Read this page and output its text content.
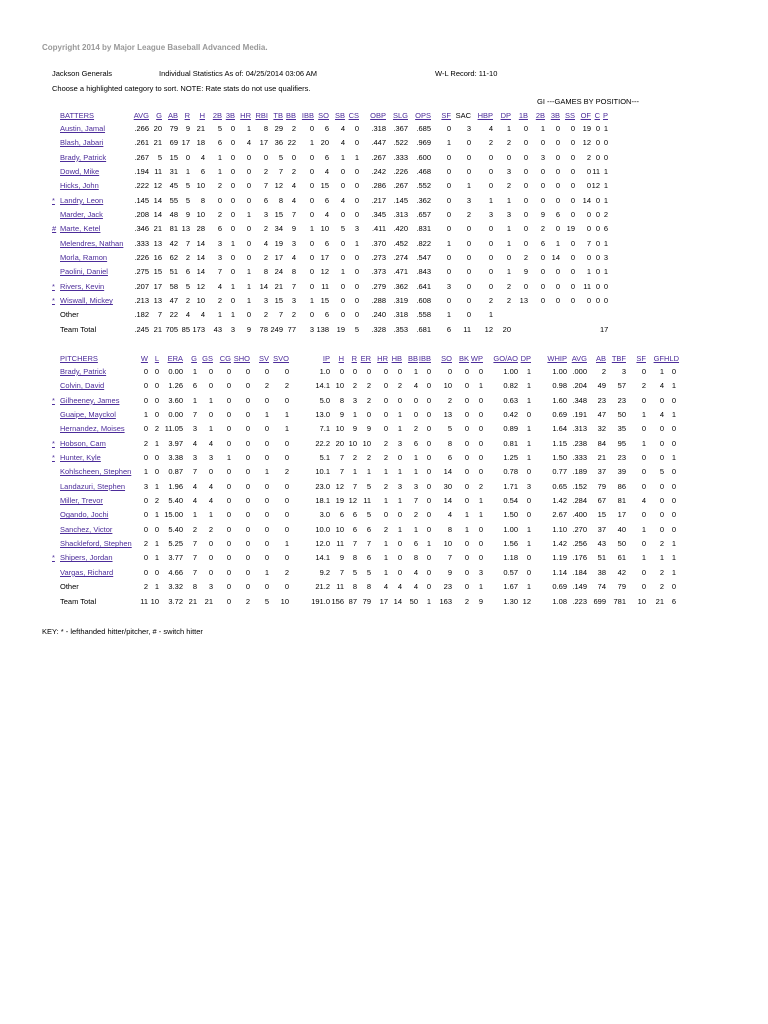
Copyright 2014 by Major League Baseball Advanced Media.
Jackson Generals	Individual Statistics As of: 04/25/2014 03:06 AM	W-L Record: 11-10
Choose a highlighted category to sort. NOTE: Rate stats do not use qualifiers.
GI ---GAMES BY POSITION---
BATTERS	AVG	G	AB	R	H	2B	3B	HR	RBI	TB	BB	IBB	SO	SB	CS	OBP	SLG	OPS	SF	SAC	HBP	DP	1B	2B	3B	SS	OF	C	P
Austin, Jamal	.266	20	79	9	21	5	0	1	8	29	2	0	6	4	0	.318	.367	.685	0	3	4	1	0	1	0	0	19	0	1
Blash, Jabari	.261	21	69	17	18	6	0	4	17	36	22	1	20	4	0	.447	.522	.969	1	0	2	2	0	0	0	0	12	0	0
Brady, Patrick	.267	5	15	0	4	1	0	0	0	5	0	0	6	1	1	.267	.333	.600	0	0	0	0	0	3	0	0	2	0	0
Dowd, Mike	.194	11	31	1	6	1	0	0	2	7	2	0	4	0	0	.242	.226	.468	0	0	0	3	0	0	0	0	0	11	1
Hicks, John	.222	12	45	5	10	2	0	0	7	12	4	0	15	0	0	.286	.267	.552	0	1	0	2	0	0	0	0	0	12	1
* Landry, Leon	.145	14	55	5	8	0	0	0	6	8	4	0	6	4	0	.217	.145	.362	0	3	1	1	0	0	0	0	14	0	1
Marder, Jack	.208	14	48	9	10	2	0	1	3	15	7	0	4	0	0	.345	.313	.657	0	2	3	3	0	9	6	0	0	0	2
# Marte, Ketel	.346	21	81	13	28	6	0	0	2	34	9	1	10	5	3	.411	.420	.831	0	0	0	1	0	2	0	19	0	0	6
Melendres, Nathan	.333	13	42	7	14	3	1	0	4	19	3	0	6	0	1	.370	.452	.822	1	0	0	1	0	6	1	0	7	0	1
Morla, Ramon	.226	16	62	2	14	3	0	0	2	17	4	0	17	0	0	.273	.274	.547	0	0	0	0	2	0	14	0	0	0	3
Paolini, Daniel	.275	15	51	6	14	7	0	1	8	24	8	0	12	1	0	.373	.471	.843	0	0	0	1	9	0	0	0	1	0	1
* Rivers, Kevin	.207	17	58	5	12	4	1	1	14	21	7	0	11	0	0	.279	.362	.641	3	0	0	2	0	0	0	0	11	0	0
* Wiswall, Mickey	.213	13	47	2	10	2	0	1	3	15	3	1	15	0	0	.288	.319	.608	0	0	2	2	13	0	0	0	0	0	0
Other	.182	7	22	4	4	1	1	0	2	7	2	0	6	0	0	.240	.318	.558	1	0	1								
Team Total	.245	21	705	85	173	43	3	9	78	249	77	3	138	19	5	.328	.353	.681	6	11	12	20							17
PITCHERS	W	L	ERA	G	GS	CG	SHO	SV	SVO	IP	H	R	ER	HR	HB	BB	IBB	SO	BK	WP	GO/AO	DP	WHIP	AVG	AB	TBF	SF	GF	HLD
Brady, Patrick	0	0	0.00	1	0	0	0	0	0	1.0	0	0	0	0	0	1	0	0	0	0	1.00	1	1.00	.000	2	3	0	1	0
Colvin, David	0	0	1.26	6	0	0	0	2	2	14.1	10	2	2	0	2	4	0	10	0	1	0.82	1	0.98	.204	49	57	2	4	1
* Gilheeney, James	0	0	3.60	1	1	0	0	0	0	5.0	8	3	2	0	0	0	0	2	0	0	0.63	1	1.60	.348	23	23	0	0	0
Guaipe, Mayckol	1	0	0.00	7	0	0	0	1	1	13.0	9	1	0	0	1	0	0	13	0	0	0.42	0	0.69	.191	47	50	1	4	1
Hernandez, Moises	0	2	11.05	3	1	0	0	0	1	7.1	10	9	9	0	1	2	0	5	0	0	0.89	1	1.64	.313	32	35	0	0	0
* Hobson, Cam	2	1	3.97	4	4	0	0	0	0	22.2	20	10	10	2	3	6	0	8	0	0	0.81	1	1.15	.238	84	95	1	0	0
* Hunter, Kyle	0	0	3.38	3	3	1	0	0	0	5.1	7	2	2	2	0	1	0	6	0	0	1.25	1	1.50	.333	21	23	0	0	1
Kohlscheen, Stephen	1	0	0.87	7	0	0	0	1	2	10.1	7	1	1	1	1	1	0	14	0	0	0.78	0	0.77	.189	37	39	0	5	0
Landazuri, Stephen	3	1	1.96	4	4	0	0	0	0	23.0	12	7	5	2	3	3	0	30	0	2	1.71	3	0.65	.152	79	86	0	0	0
Miller, Trevor	0	2	5.40	4	4	0	0	0	0	18.1	19	12	11	1	1	7	0	14	0	1	0.54	0	1.42	.284	67	81	4	0	0
Ogando, Jochi	0	1	15.00	1	1	0	0	0	0	3.0	6	6	5	0	0	2	0	4	1	1	1.50	0	2.67	.400	15	17	0	0	0
Sanchez, Victor	0	0	5.40	2	2	0	0	0	0	10.0	10	6	6	2	1	1	0	8	1	0	1.00	1	1.10	.270	37	40	1	0	0
Shackleford, Stephen	2	1	5.25	7	0	0	0	0	1	12.0	11	7	7	1	0	6	1	10	0	0	1.56	1	1.42	.256	43	50	0	2	1
* Shipers, Jordan	0	1	3.77	7	0	0	0	0	0	14.1	9	8	6	1	0	8	0	7	0	0	1.18	0	1.19	.176	51	61	1	1	1
Vargas, Richard	0	0	4.66	7	0	0	0	1	2	9.2	7	5	5	1	0	4	0	9	0	3	0.57	0	1.14	.184	38	42	0	2	1
Other	2	1	3.32	8	3	0	0	0	0	21.2	11	8	8	4	4	4	0	23	0	1	1.67	1	0.69	.149	74	79	0	2	0
Team Total	11	10	3.72	21	21	0	2	5	10	191.0	156	87	79	17	14	50	1	163	2	9	1.30	12	1.08	.223	699	781	10	21	6
KEY: * - lefthanded hitter/pitcher, # - switch hitter
